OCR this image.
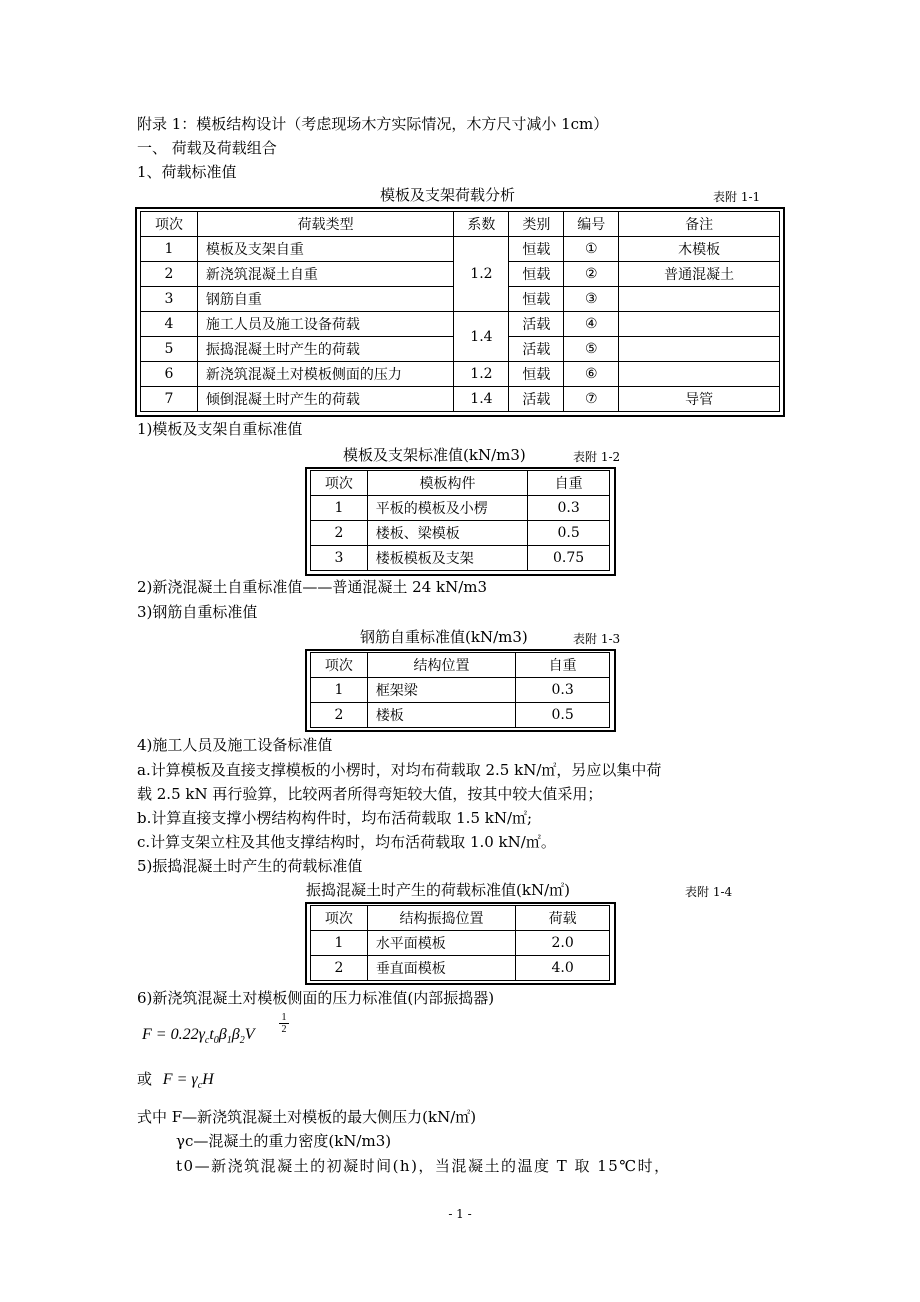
附录 1：模板结构设计（考虑现场木方实际情况，木方尺寸减小 1cm）
一、 荷载及荷载组合
1、荷载标准值
模板及支架荷载分析	表附 1-1
项次	荷载类型	系数	类别	编号	备注
1	模板及支架自重	1.2	恒载	①	木模板
2	新浇筑混凝土自重		恒载	②	普通混凝土
3	钢筋自重		恒载	③	
4	施工人员及施工设备荷载	1.4	活载	④	
5	振捣混凝土时产生的荷载		活载	⑤	
6	新浇筑混凝土对模板侧面的压力	1.2	恒载	⑥	
7	倾倒混凝土时产生的荷载	1.4	活载	⑦	导管
1)模板及支架自重标准值
模板及支架标准值(kN/m3)	表附 1-2
项次	模板构件	自重
1	平板的模板及小楞	0.3
2	楼板、梁模板	0.5
3	楼板模板及支架	0.75
2)新浇混凝土自重标准值——普通混凝土 24 kN/m3
3)钢筋自重标准值
钢筋自重标准值(kN/m3)	表附 1-3
项次	结构位置	自重
1	框架梁	0.3
2	楼板	0.5
4)施工人员及施工设备标准值
a.计算模板及直接支撑模板的小楞时，对均布荷载取 2.5 kN/㎡，另应以集中荷
载 2.5 kN 再行验算，比较两者所得弯矩较大值，按其中较大值采用；
b.计算直接支撑小楞结构构件时，均布活荷载取 1.5 kN/㎡;
c.计算支架立柱及其他支撑结构时，均布活荷载取 1.0 kN/㎡。
5)振捣混凝土时产生的荷载标准值
振捣混凝土时产生的荷载标准值(kN/㎡)	表附 1-4
项次	结构振捣位置	荷载
1	水平面模板	2.0
2	垂直面模板	4.0
6)新浇筑混凝土对模板侧面的压力标准值(内部振捣器)
$F = 0.22\gamma_ct_0\beta_1\beta_2V \frac{1}{2}$
或 $F = \gamma_cH$
式中 F—新浇筑混凝土对模板的最大侧压力(kN/㎡)
γc—混凝土的重力密度(kN/m3)
t0—新浇筑混凝土的初凝时间(h)，当混凝土的温度 T 取 15℃时，
- 1 -
